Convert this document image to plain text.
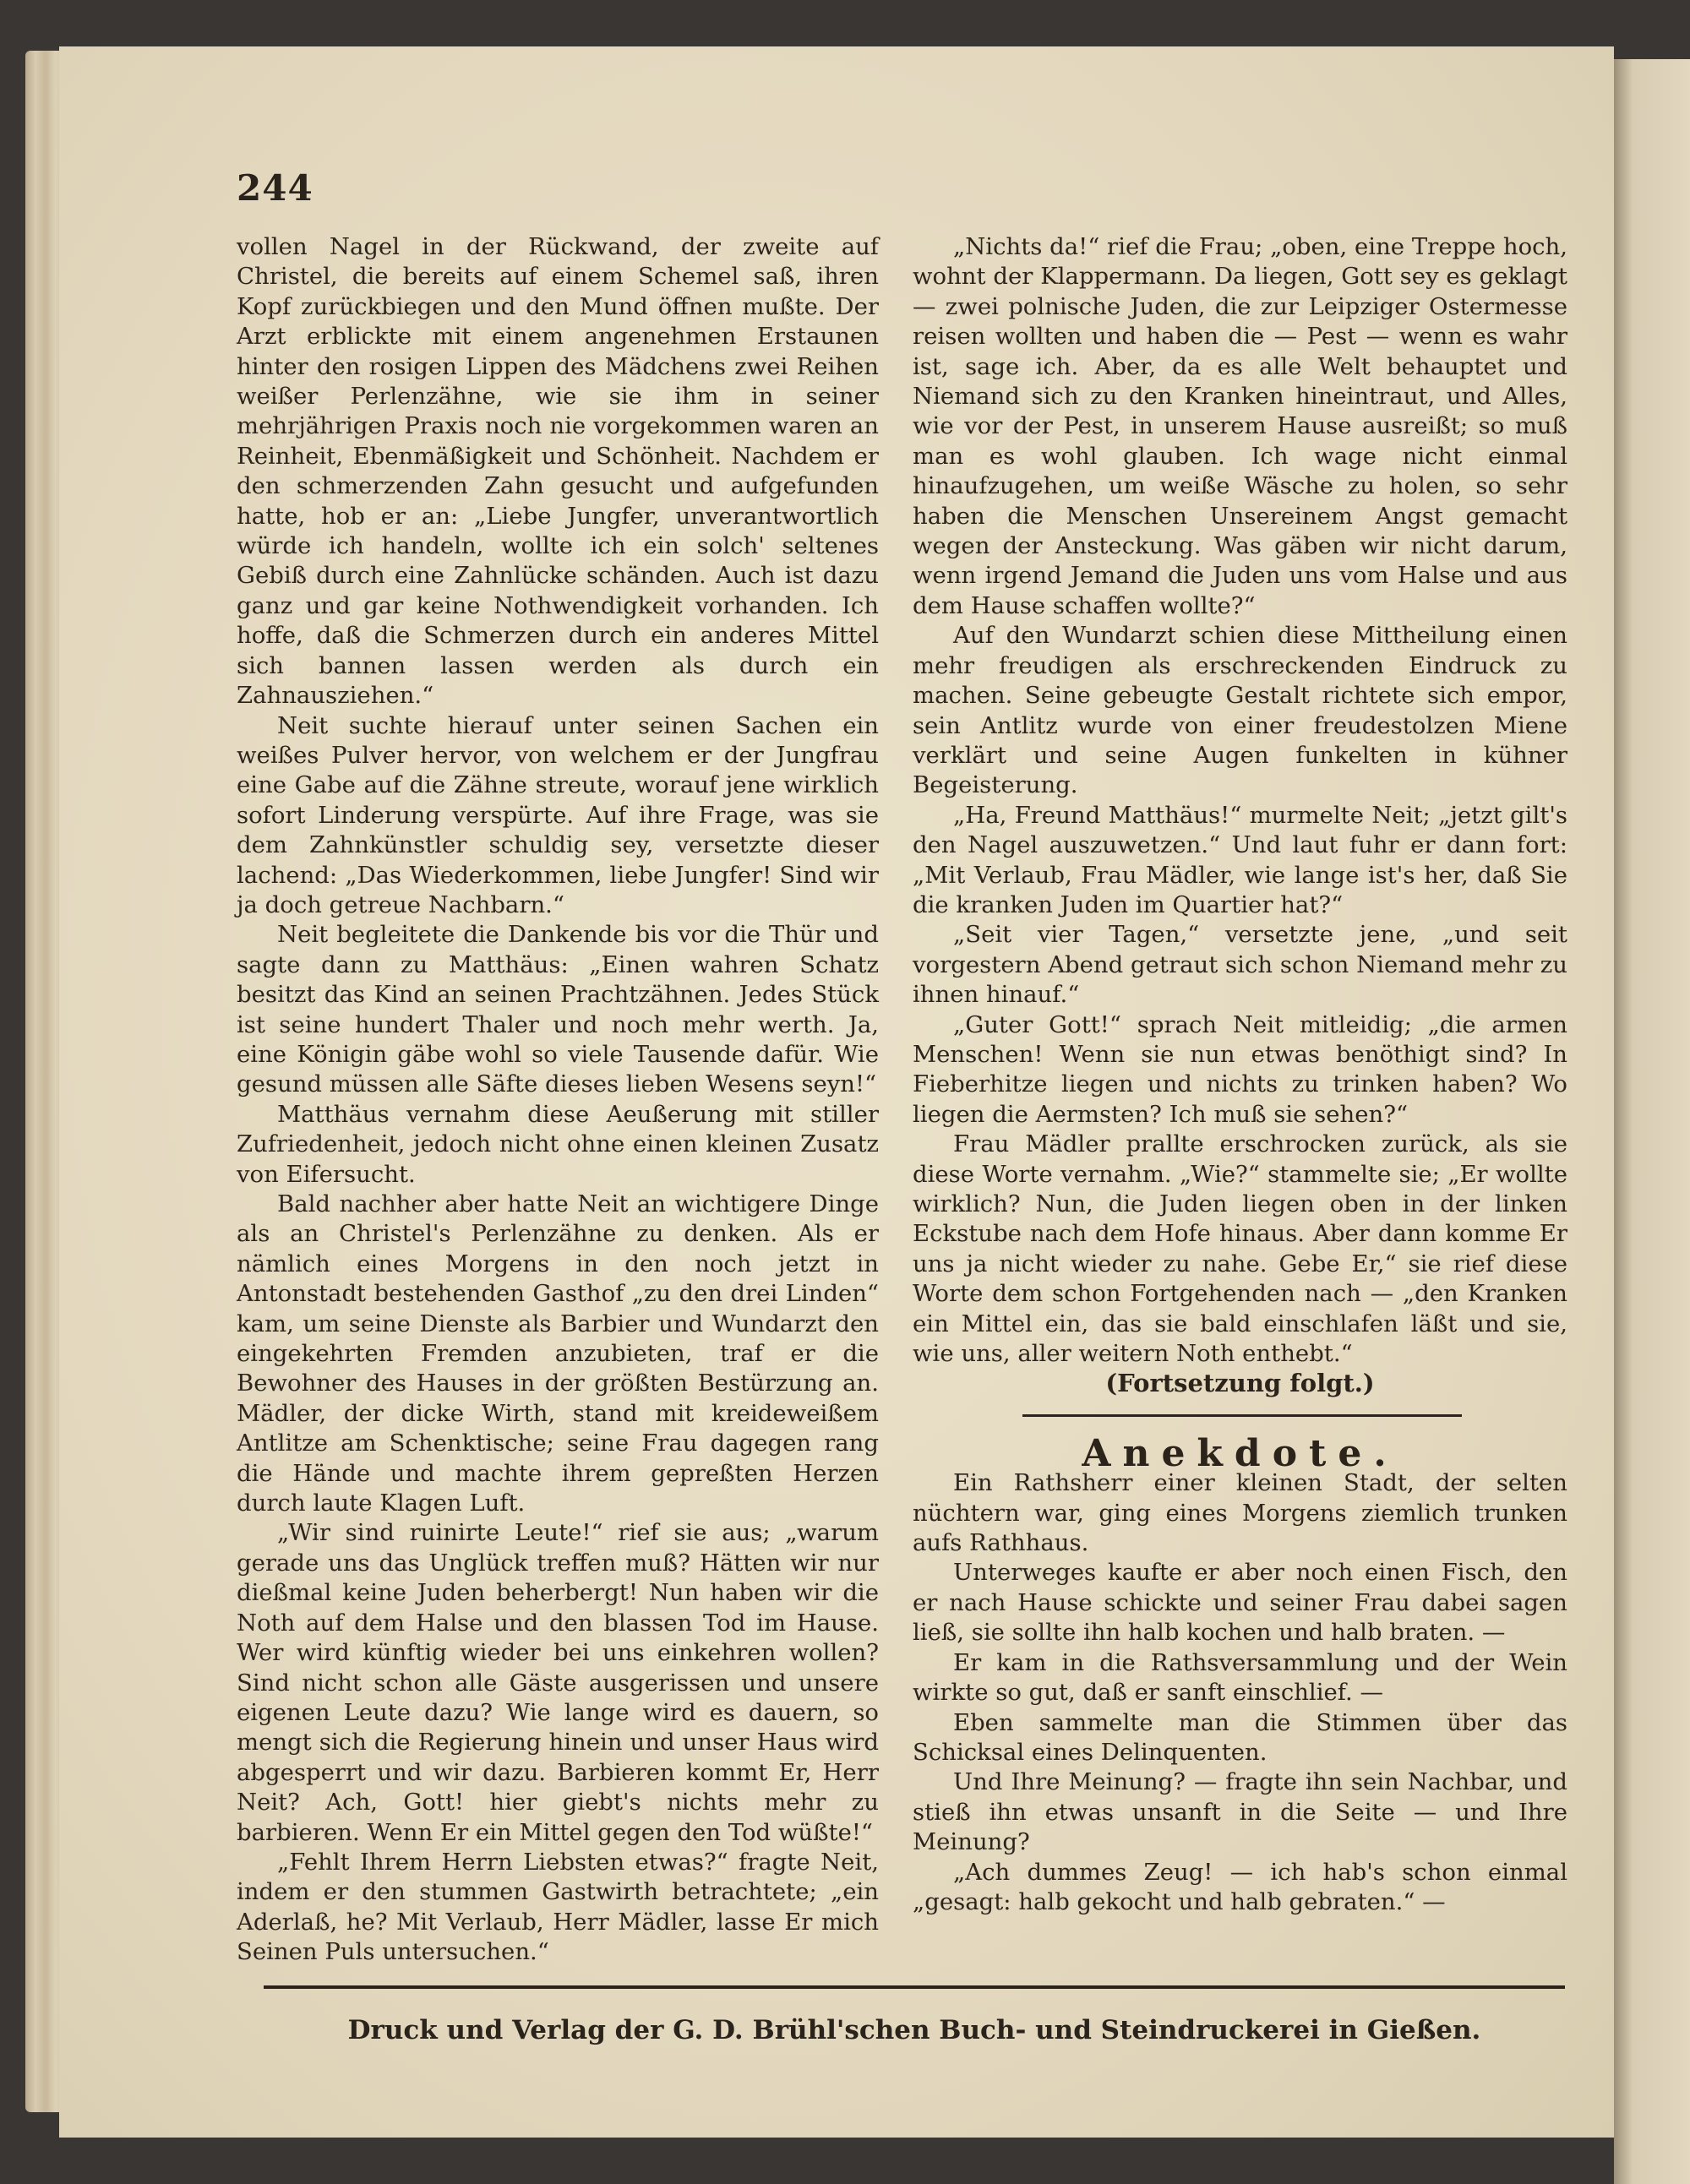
244

vollen Nagel in der Rückwand, der zweite auf Christel, die bereits auf einem Schemel saß, ihren Kopf zurückbiegen und den Mund öffnen mußte. Der Arzt erblickte mit einem angenehmen Erstaunen hinter den rosigen Lippen des Mädchens zwei Reihen weißer Perlenzähne, wie sie ihm in seiner mehrjährigen Praxis noch nie vorgekommen waren an Reinheit, Ebenmäßigkeit und Schönheit. Nachdem er den schmerzenden Zahn gesucht und aufgefunden hatte, hob er an: „Liebe Jungfer, unverantwortlich würde ich handeln, wollte ich ein solch' seltenes Gebiß durch eine Zahnlücke schänden. Auch ist dazu ganz und gar keine Nothwendigkeit vorhanden. Ich hoffe, daß die Schmerzen durch ein anderes Mittel sich bannen lassen werden als durch ein Zahnausziehen.“

Neit suchte hierauf unter seinen Sachen ein weißes Pulver hervor, von welchem er der Jungfrau eine Gabe auf die Zähne streute, worauf jene wirklich sofort Linderung verspürte. Auf ihre Frage, was sie dem Zahnkünstler schuldig sey, versetzte dieser lachend: „Das Wiederkommen, liebe Jungfer! Sind wir ja doch getreue Nachbarn.“

Neit begleitete die Dankende bis vor die Thür und sagte dann zu Matthäus: „Einen wahren Schatz besitzt das Kind an seinen Prachtzähnen. Jedes Stück ist seine hundert Thaler und noch mehr werth. Ja, eine Königin gäbe wohl so viele Tausende dafür. Wie gesund müssen alle Säfte dieses lieben Wesens seyn!“

Matthäus vernahm diese Aeußerung mit stiller Zufriedenheit, jedoch nicht ohne einen kleinen Zusatz von Eifersucht.

Bald nachher aber hatte Neit an wichtigere Dinge als an Christel's Perlenzähne zu denken. Als er nämlich eines Morgens in den noch jetzt in Antonstadt bestehenden Gasthof „zu den drei Linden“ kam, um seine Dienste als Barbier und Wundarzt den eingekehrten Fremden anzubieten, traf er die Bewohner des Hauses in der größten Bestürzung an. Mädler, der dicke Wirth, stand mit kreideweißem Antlitze am Schenktische; seine Frau dagegen rang die Hände und machte ihrem gepreßten Herzen durch laute Klagen Luft.

„Wir sind ruinirte Leute!“ rief sie aus; „warum gerade uns das Unglück treffen muß? Hätten wir nur dießmal keine Juden beherbergt! Nun haben wir die Noth auf dem Halse und den blassen Tod im Hause. Wer wird künftig wieder bei uns einkehren wollen? Sind nicht schon alle Gäste ausgerissen und unsere eigenen Leute dazu? Wie lange wird es dauern, so mengt sich die Regierung hinein und unser Haus wird abgesperrt und wir dazu. Barbieren kommt Er, Herr Neit? Ach, Gott! hier giebt's nichts mehr zu barbieren. Wenn Er ein Mittel gegen den Tod wüßte!“

„Fehlt Ihrem Herrn Liebsten etwas?“ fragte Neit, indem er den stummen Gastwirth betrachtete; „ein Aderlaß, he? Mit Verlaub, Herr Mädler, lasse Er mich Seinen Puls untersuchen.“

„Nichts da!“ rief die Frau; „oben, eine Treppe hoch, wohnt der Klappermann. Da liegen, Gott sey es geklagt — zwei polnische Juden, die zur Leipziger Ostermesse reisen wollten und haben die — Pest — wenn es wahr ist, sage ich. Aber, da es alle Welt behauptet und Niemand sich zu den Kranken hineintraut, und Alles, wie vor der Pest, in unserem Hause ausreißt; so muß man es wohl glauben. Ich wage nicht einmal hinaufzugehen, um weiße Wäsche zu holen, so sehr haben die Menschen Unsereinem Angst gemacht wegen der Ansteckung. Was gäben wir nicht darum, wenn irgend Jemand die Juden uns vom Halse und aus dem Hause schaffen wollte?“

Auf den Wundarzt schien diese Mittheilung einen mehr freudigen als erschreckenden Eindruck zu machen. Seine gebeugte Gestalt richtete sich empor, sein Antlitz wurde von einer freudestolzen Miene verklärt und seine Augen funkelten in kühner Begeisterung.

„Ha, Freund Matthäus!“ murmelte Neit; „jetzt gilt's den Nagel auszuwetzen.“ Und laut fuhr er dann fort: „Mit Verlaub, Frau Mädler, wie lange ist's her, daß Sie die kranken Juden im Quartier hat?“

„Seit vier Tagen,“ versetzte jene, „und seit vorgestern Abend getraut sich schon Niemand mehr zu ihnen hinauf.“

„Guter Gott!“ sprach Neit mitleidig; „die armen Menschen! Wenn sie nun etwas benöthigt sind? In Fieberhitze liegen und nichts zu trinken haben? Wo liegen die Aermsten? Ich muß sie sehen?“

Frau Mädler prallte erschrocken zurück, als sie diese Worte vernahm. „Wie?“ stammelte sie; „Er wollte wirklich? Nun, die Juden liegen oben in der linken Eckstube nach dem Hofe hinaus. Aber dann komme Er uns ja nicht wieder zu nahe. Gebe Er,“ sie rief diese Worte dem schon Fortgehenden nach — „den Kranken ein Mittel ein, das sie bald einschlafen läßt und sie, wie uns, aller weitern Noth enthebt.“

(Fortsetzung folgt.)

Anekdote.

Ein Rathsherr einer kleinen Stadt, der selten nüchtern war, ging eines Morgens ziemlich trunken aufs Rathhaus.

Unterweges kaufte er aber noch einen Fisch, den er nach Hause schickte und seiner Frau dabei sagen ließ, sie sollte ihn halb kochen und halb braten. —

Er kam in die Rathsversammlung und der Wein wirkte so gut, daß er sanft einschlief. —

Eben sammelte man die Stimmen über das Schicksal eines Delinquenten.

Und Ihre Meinung? — fragte ihn sein Nachbar, und stieß ihn etwas unsanft in die Seite — und Ihre Meinung?

„Ach dummes Zeug! — ich hab's schon einmal „gesagt: halb gekocht und halb gebraten.“ —

Druck und Verlag der G. D. Brühl'schen Buch- und Steindruckerei in Gießen.
